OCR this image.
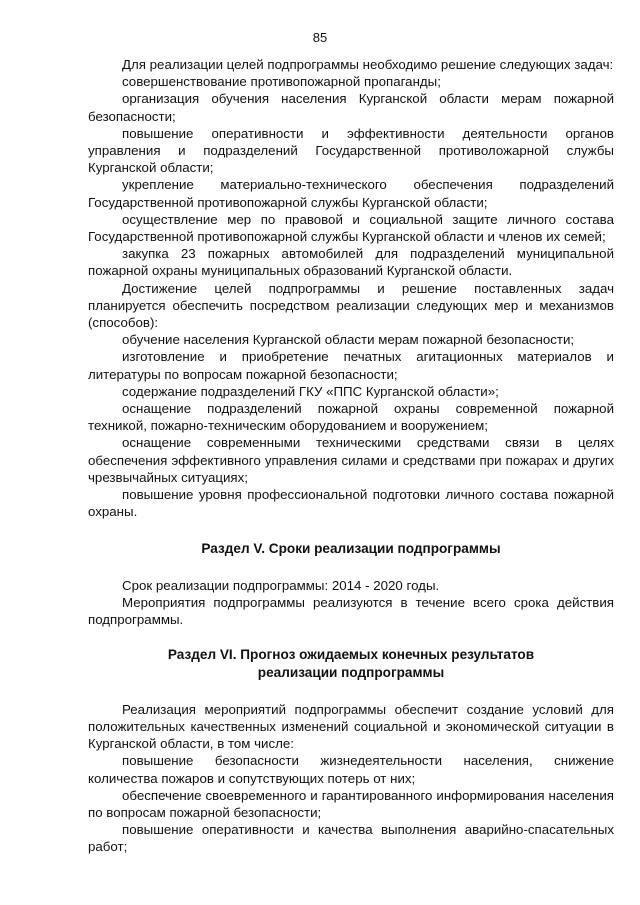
85

Для реализации целей подпрограммы необходимо решение следующих задач:

совершенствование противопожарной пропаганды;

организация обучения населения Курганской области мерам пожарной безопасности;

повышение оперативности и эффективности деятельности органов управления и подразделений Государственной противоложарной службы Курганской области;

укрепление материально-технического обеспечения подразделений Государственной противопожарной службы Курганской области;

осуществление мер по правовой и социальной защите личного состава Государственной противопожарной службы Курганской области и членов их семей;

закупка 23 пожарных автомобилей для подразделений муниципальной пожарной охраны муниципальных образований Курганской области.

Достижение целей подпрограммы и решение поставленных задач планируется обеспечить посредством реализации следующих мер и механизмов (способов):

обучение населения Курганской области мерам пожарной безопасности;

изготовление и приобретение печатных агитационных материалов и литературы по вопросам пожарной безопасности;

содержание подразделений ГКУ «ППС Курганской области»;

оснащение подразделений пожарной охраны современной пожарной техникой, пожарно-техническим оборудованием и вооружением;

оснащение современными техническими средствами связи в целях обеспечения эффективного управления силами и средствами при пожарах и других чрезвычайных ситуациях;

повышение уровня профессиональной подготовки личного состава пожарной охраны.

Раздел V. Сроки реализации подпрограммы

Срок реализации подпрограммы: 2014 - 2020 годы.

Мероприятия подпрограммы реализуются в течение всего срока действия подпрограммы.

Раздел VI. Прогноз ожидаемых конечных результатов
реализации подпрограммы

Реализация мероприятий подпрограммы обеспечит создание условий для положительных качественных изменений социальной и экономической ситуации в Курганской области, в том числе:

повышение безопасности жизнедеятельности населения, снижение количества пожаров и сопутствующих потерь от них;

обеспечение своевременного и гарантированного информирования населения по вопросам пожарной безопасности;

повышение оперативности и качества выполнения аварийно-спасательных работ;
